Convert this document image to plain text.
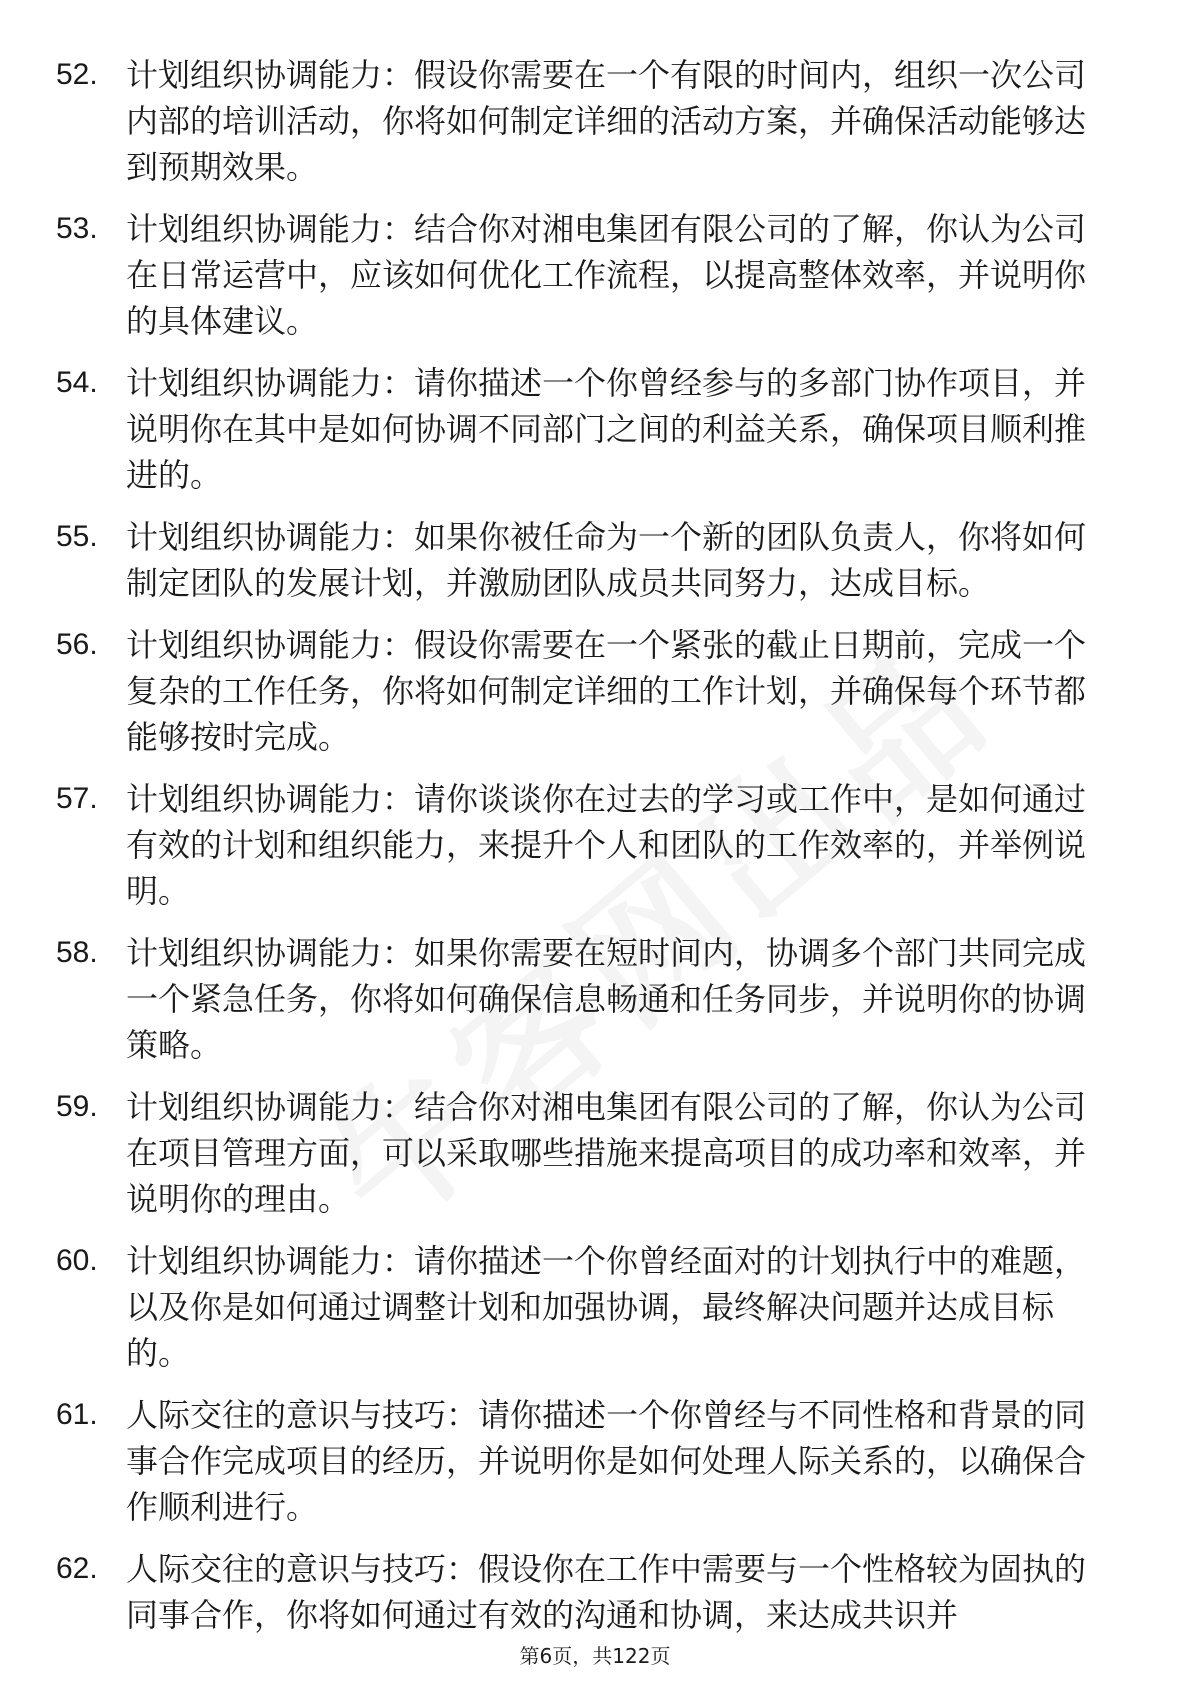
52. 计划组织协调能力：假设你需要在一个有限的时间内，组织一次公司内部的培训活动，你将如何制定详细的活动方案，并确保活动能够达到预期效果。
53. 计划组织协调能力：结合你对湘电集团有限公司的了解，你认为公司在日常运营中，应该如何优化工作流程，以提高整体效率，并说明你的具体建议。
54. 计划组织协调能力：请你描述一个你曾经参与的多部门协作项目，并说明你在其中是如何协调不同部门之间的利益关系，确保项目顺利推进的。
55. 计划组织协调能力：如果你被任命为一个新的团队负责人，你将如何制定团队的发展计划，并激励团队成员共同努力，达成目标。
56. 计划组织协调能力：假设你需要在一个紧张的截止日期前，完成一个复杂的工作任务，你将如何制定详细的工作计划，并确保每个环节都能够按时完成。
57. 计划组织协调能力：请你谈谈你在过去的学习或工作中，是如何通过有效的计划和组织能力，来提升个人和团队的工作效率的，并举例说明。
58. 计划组织协调能力：如果你需要在短时间内，协调多个部门共同完成一个紧急任务，你将如何确保信息畅通和任务同步，并说明你的协调策略。
59. 计划组织协调能力：结合你对湘电集团有限公司的了解，你认为公司在项目管理方面，可以采取哪些措施来提高项目的成功率和效率，并说明你的理由。
60. 计划组织协调能力：请你描述一个你曾经面对的计划执行中的难题，以及你是如何通过调整计划和加强协调，最终解决问题并达成目标的。
61. 人际交往的意识与技巧：请你描述一个你曾经与不同性格和背景的同事合作完成项目的经历，并说明你是如何处理人际关系的，以确保合作顺利进行。
62. 人际交往的意识与技巧：假设你在工作中需要与一个性格较为固执的同事合作，你将如何通过有效的沟通和协调，来达成共识并
第6页，共122页
